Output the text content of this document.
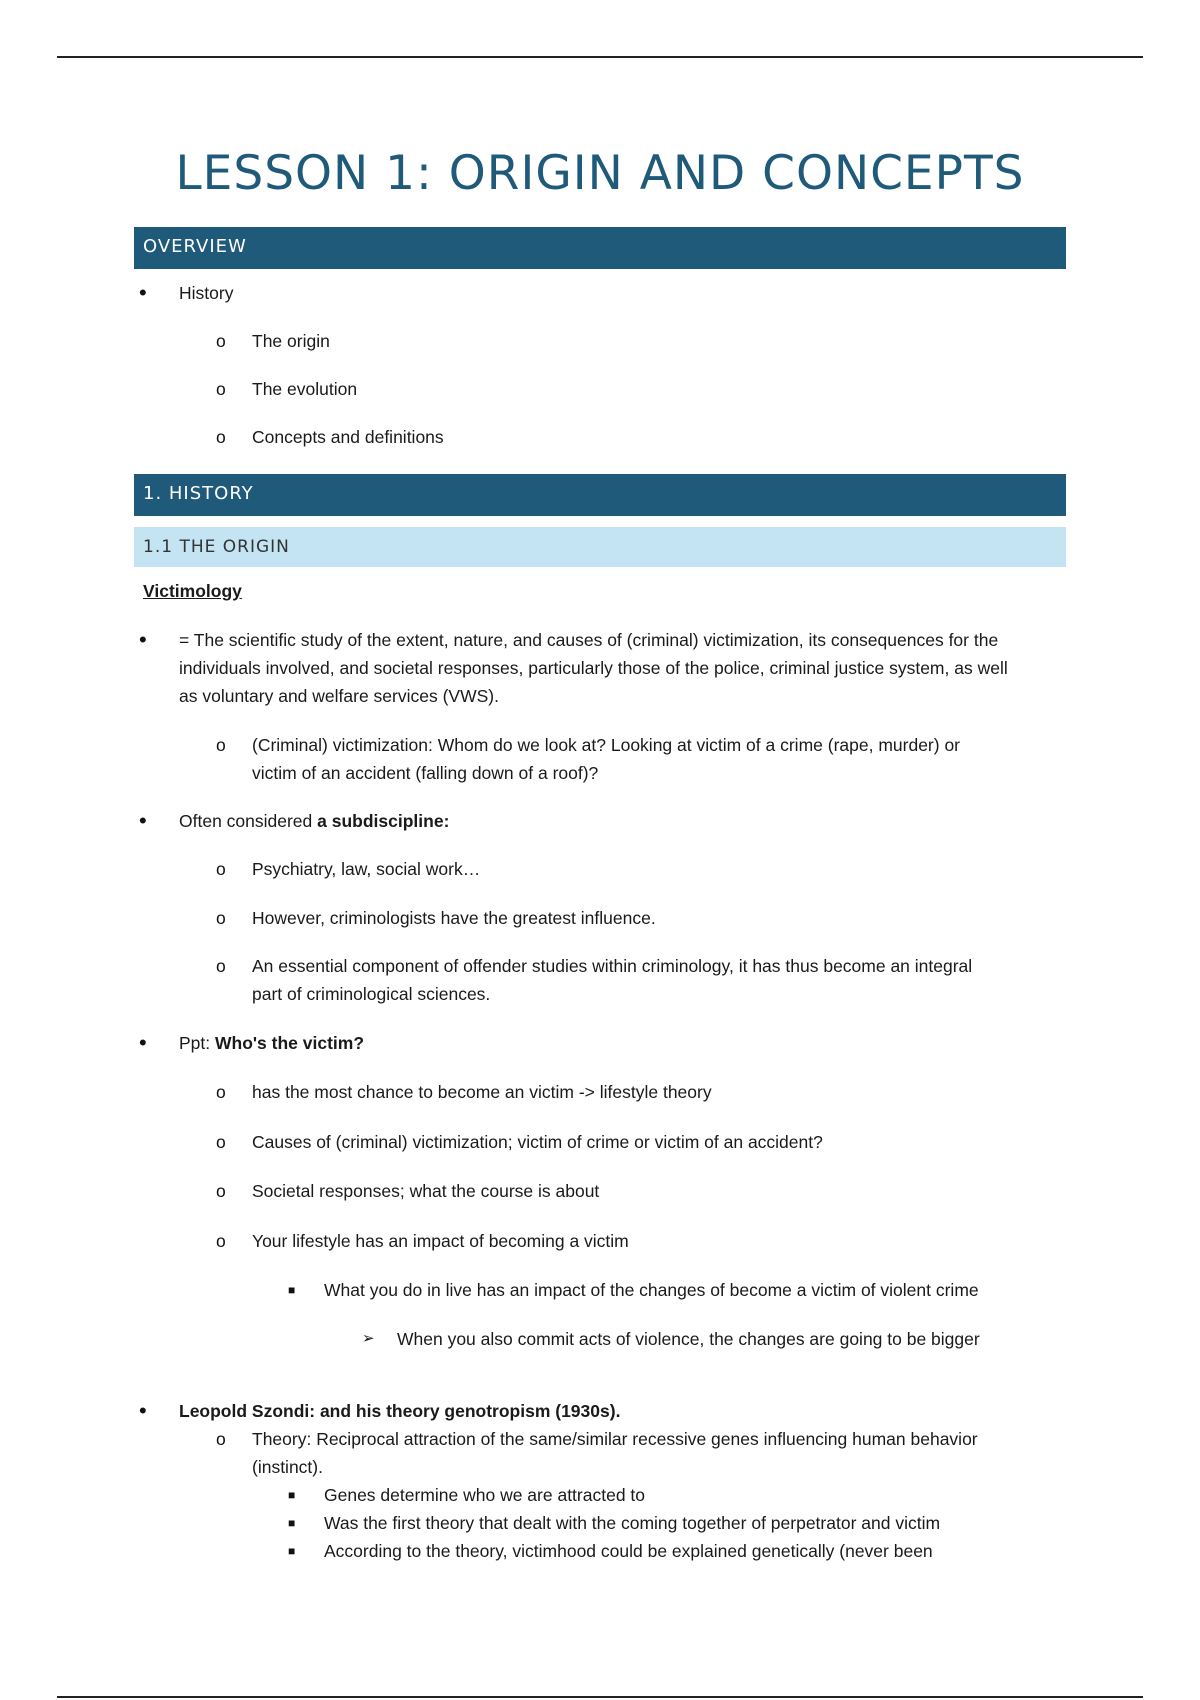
LESSON 1: ORIGIN AND CONCEPTS
OVERVIEW
• History
o The origin
o The evolution
o Concepts and definitions
1. HISTORY
1.1 THE ORIGIN
Victimology
• = The scientific study of the extent, nature, and causes of (criminal) victimization, its consequences for the
individuals involved, and societal responses, particularly those of the police, criminal justice system, as well
as voluntary and welfare services (VWS).
o (Criminal) victimization: Whom do we look at? Looking at victim of a crime (rape, murder) or
victim of an accident (falling down of a roof)?
• Often considered a subdiscipline:
o Psychiatry, law, social work…
o However, criminologists have the greatest influence.
o An essential component of offender studies within criminology, it has thus become an integral
part of criminological sciences.
• Ppt: Who's the victim?
o has the most chance to become an victim -> lifestyle theory
o Causes of (criminal) victimization; victim of crime or victim of an accident?
o Societal responses; what the course is about
o Your lifestyle has an impact of becoming a victim
■ What you do in live has an impact of the changes of become a victim of violent crime
➢ When you also commit acts of violence, the changes are going to be bigger
• Leopold Szondi: and his theory genotropism (1930s).
o Theory: Reciprocal attraction of the same/similar recessive genes influencing human behavior
(instinct).
■ Genes determine who we are attracted to
■ Was the first theory that dealt with the coming together of perpetrator and victim
■ According to the theory, victimhood could be explained genetically (never been
